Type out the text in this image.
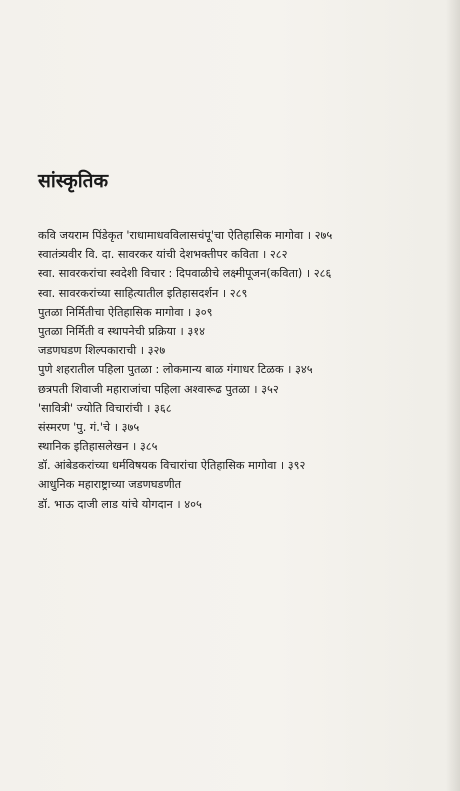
सांस्कृतिक
कवि जयराम पिंडेकृत 'राधामाधवविलासचंपू'चा ऐतिहासिक मागोवा । २७५
स्वातंत्र्यवीर वि. दा. सावरकर यांची देशभक्तीपर कविता । २८२
स्वा. सावरकरांचा स्वदेशी विचार : दिपवाळीचे लक्ष्मीपूजन(कविता) । २८६
स्वा. सावरकरांच्या साहित्यातील इतिहासदर्शन । २८९
पुतळा निर्मितीचा ऐतिहासिक मागोवा । ३०९
पुतळा निर्मिती व स्थापनेची प्रक्रिया । ३१४
जडणघडण शिल्पकाराची । ३२७
पुणे शहरातील पहिला पुतळा : लोकमान्य बाळ गंगाधर टिळक । ३४५
छत्रपती शिवाजी महाराजांचा पहिला अश्वारूढ पुतळा । ३५२
'सावित्री' ज्योति विचारांची । ३६८
संस्मरण 'पु. गं.'चे । ३७५
स्थानिक इतिहासलेखन । ३८५
डॉ. आंबेडकरांच्या धर्मविषयक विचारांचा ऐतिहासिक मागोवा । ३९२
आधुनिक महाराष्ट्राच्या जडणघडणीत
डॉ. भाऊ दाजी लाड यांचे योगदान । ४०५
